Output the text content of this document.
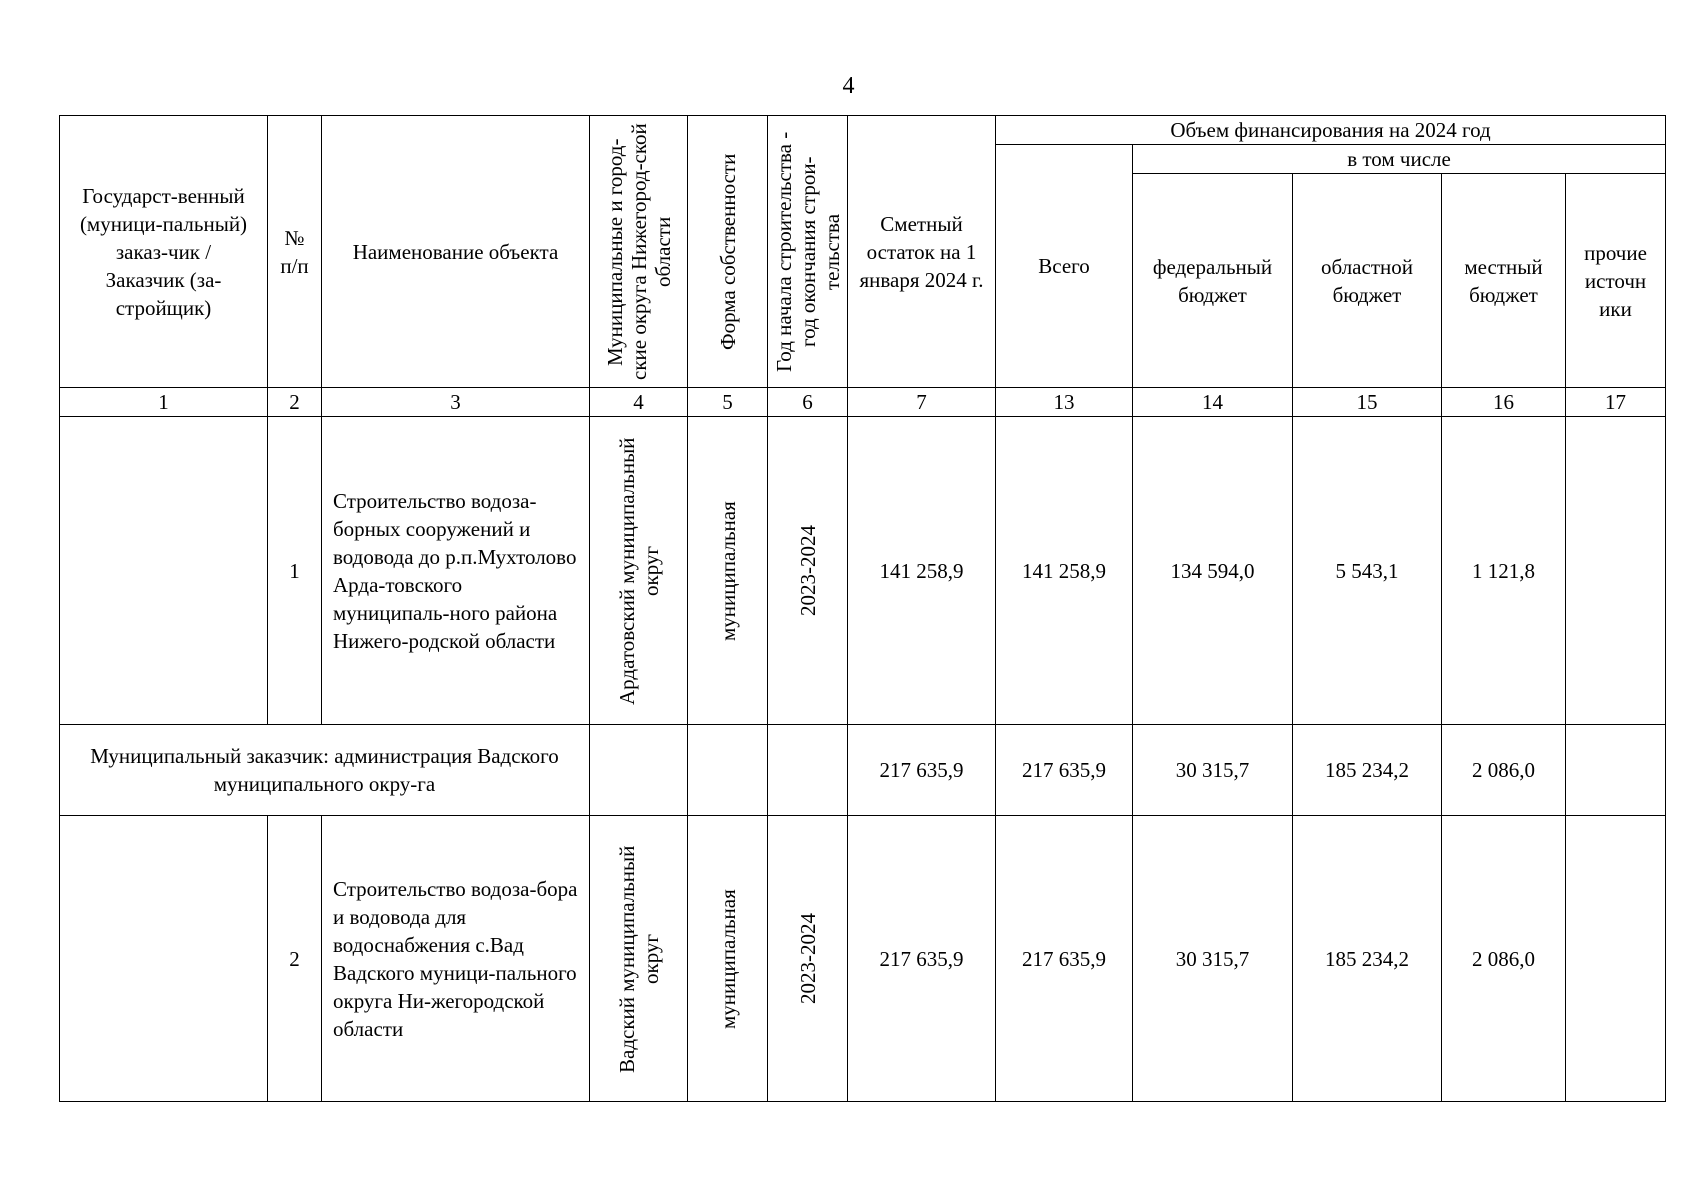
4
Государст-венный (муници-пальный) заказ-чик / Заказчик (за-стройщик)	№ п/п	Наименование объекта	Муниципальные и город-ские округа Нижегород-ской области	Форма собственности	Год начала строительства - год окончания строи-тельства	Сметный остаток на 1 января 2024 г.	Объем финансирования на 2024 год				
							Всего	в том числе			
								федеральный бюджет	областной бюджет	местный бюджет	прочие источн ики
1	2	3	4	5	6	7	13	14	15	16	17
	1	Строительство водоза-борных сооружений и водовода до р.п.Мухтолово Арда-товского муниципаль-ного района Нижего-родской области	Ардатовский муниципальный округ	муниципальная	2023-2024	141 258,9	141 258,9	134 594,0	5 543,1	1 121,8	
Муниципальный заказчик: администрация Вадского муниципального окру-га						217 635,9	217 635,9	30 315,7	185 234,2	2 086,0	
	2	Строительство водоза-бора и водовода для водоснабжения с.Вад Вадского муници-пального округа Ни-жегородской области	Вадский муниципальный округ	муниципальная	2023-2024	217 635,9	217 635,9	30 315,7	185 234,2	2 086,0	
